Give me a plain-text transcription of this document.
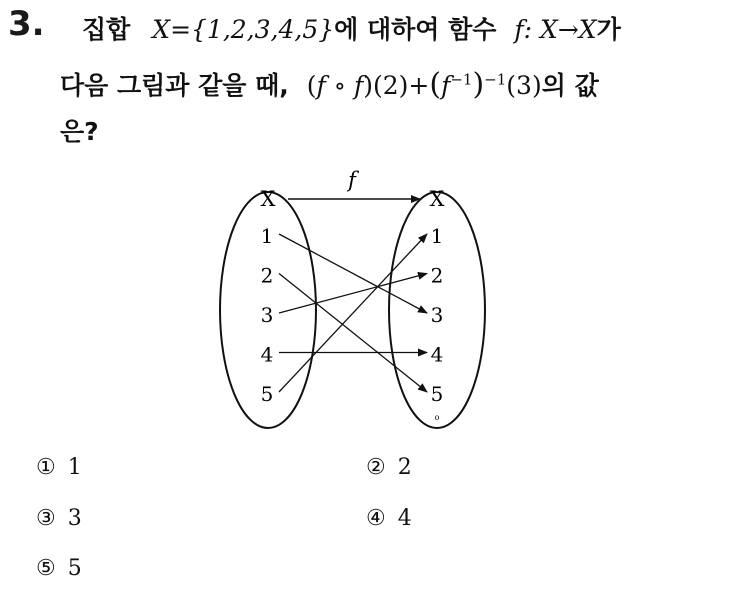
3. 집합 X={1,2,3,4,5}에 대하여 함수 f: X→X가
다음 그림과 같을 때, (f ∘ $f)(2)+(f^{-1})^{-1}(3)$의 값
은?
f
X	X
1
2
3
4
5
1
2
3
4
5
ο
① 1	② 2
③ 3	④ 4
⑤ 5
